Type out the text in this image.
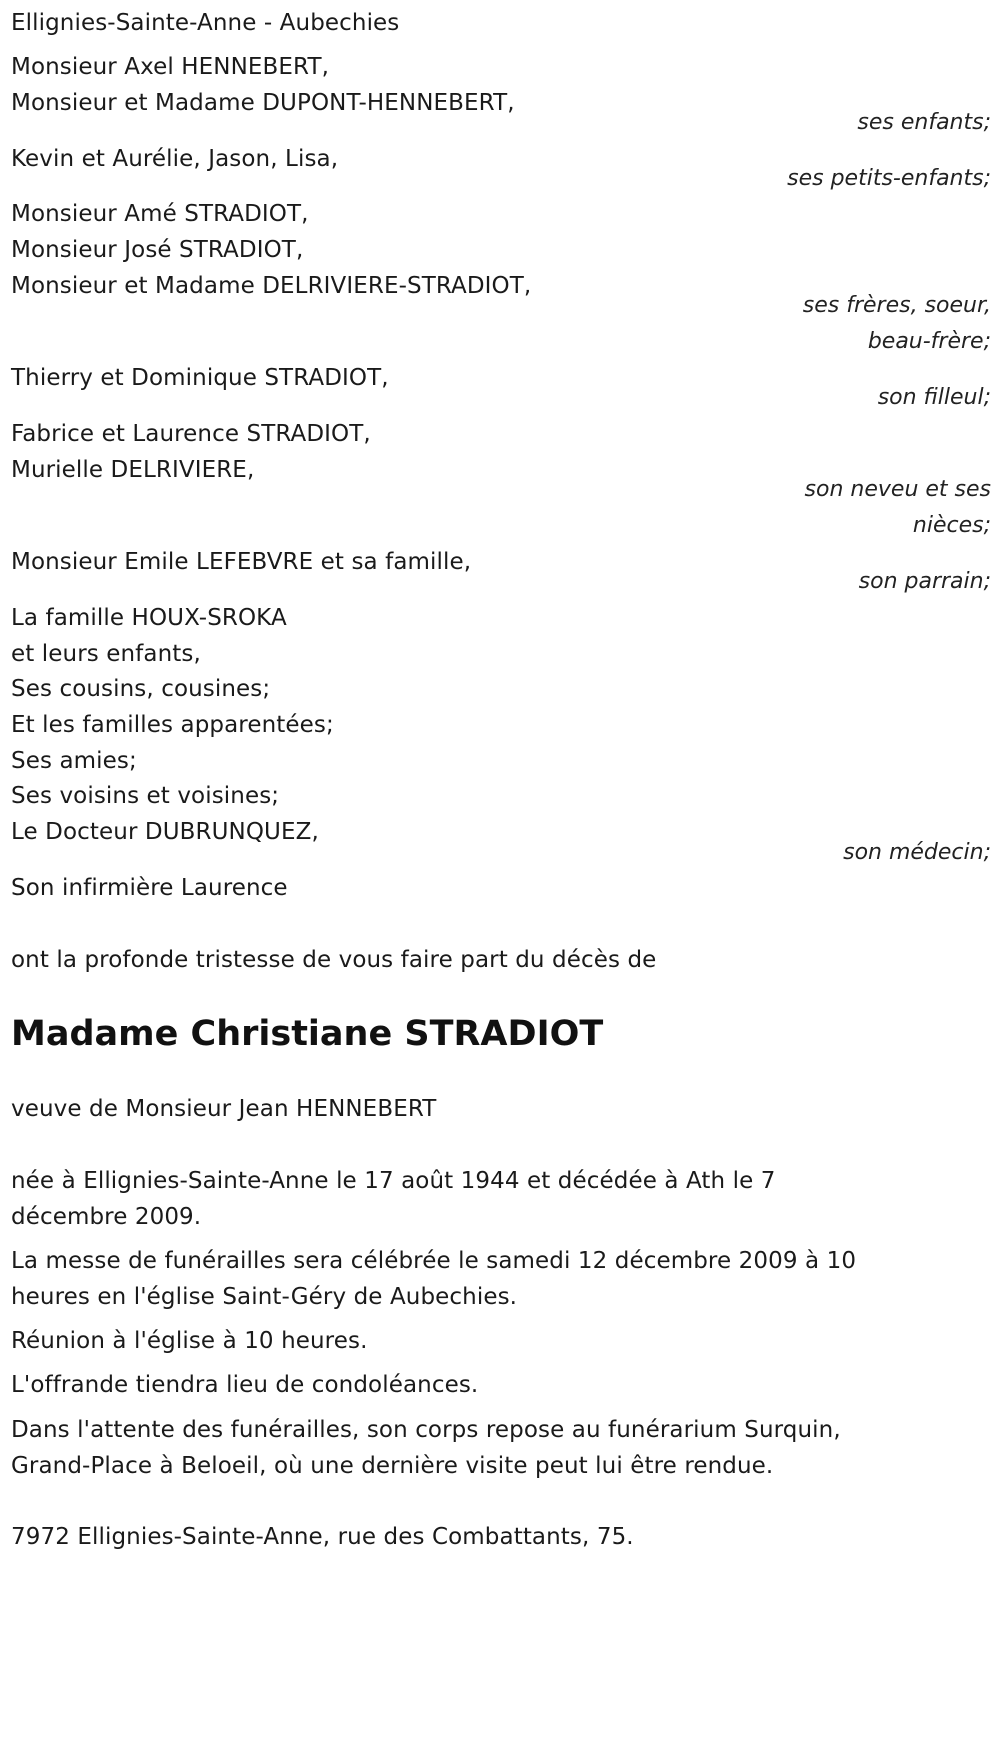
Ellignies-Sainte-Anne - Aubechies
Monsieur Axel HENNEBERT,
Monsieur et Madame DUPONT-HENNEBERT,
ses enfants;
Kevin et Aurélie, Jason, Lisa,
ses petits-enfants;
Monsieur Amé STRADIOT,
Monsieur José STRADIOT,
Monsieur et Madame DELRIVIERE-STRADIOT,
ses frères, soeur,
beau-frère;
Thierry et Dominique STRADIOT,
son filleul;
Fabrice et Laurence STRADIOT,
Murielle DELRIVIERE,
son neveu et ses
nièces;
Monsieur Emile LEFEBVRE et sa famille,
son parrain;
La famille HOUX-SROKA
et leurs enfants,
Ses cousins, cousines;
Et les familles apparentées;
Ses amies;
Ses voisins et voisines;
Le Docteur DUBRUNQUEZ,
son médecin;
Son infirmière Laurence
ont la profonde tristesse de vous faire part du décès de
Madame Christiane STRADIOT
veuve de Monsieur Jean HENNEBERT
née à Ellignies-Sainte-Anne le 17 août 1944 et décédée à Ath le 7
décembre 2009.
La messe de funérailles sera célébrée le samedi 12 décembre 2009 à 10
heures en l'église Saint-Géry de Aubechies.
Réunion à l'église à 10 heures.
L'offrande tiendra lieu de condoléances.
Dans l'attente des funérailles, son corps repose au funérarium Surquin,
Grand-Place à Beloeil, où une dernière visite peut lui être rendue.
7972 Ellignies-Sainte-Anne, rue des Combattants, 75.
